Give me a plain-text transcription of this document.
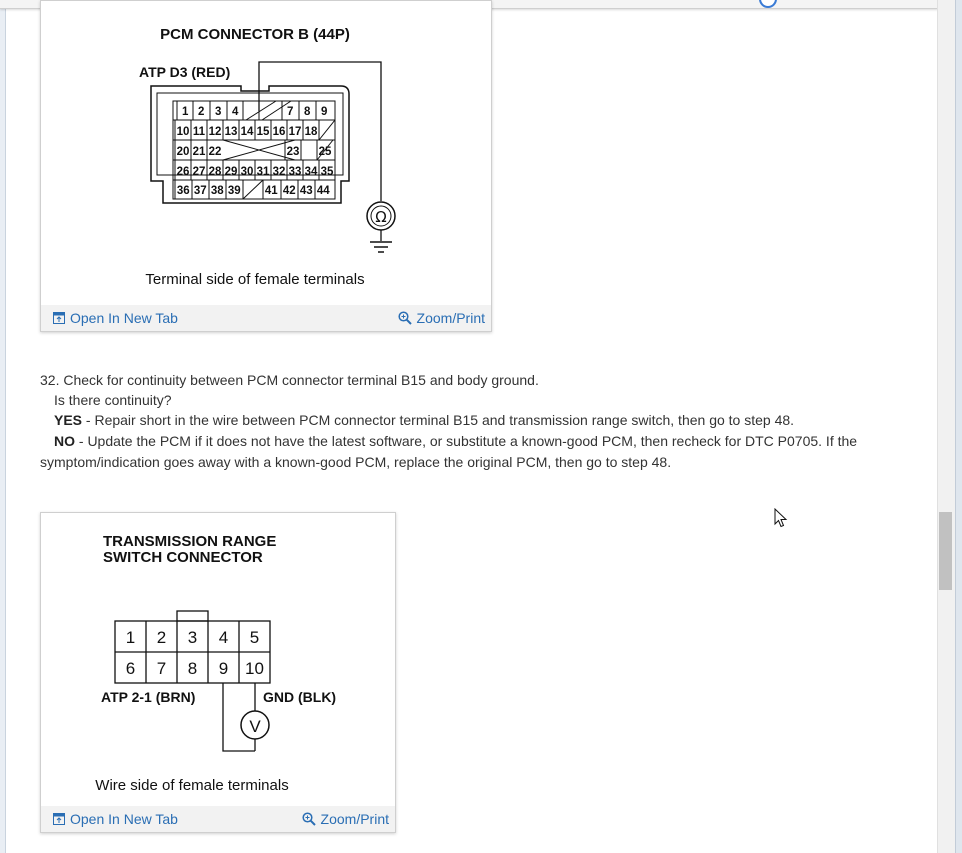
PCM CONNECTOR B (44P)
ATP D3 (RED)
1 2 3 4	7 8 9
10 11 12 13 14 15 16 17 18
20 21 22	23 25
26 27 28 29 30 31 32 33 34 35
36 37 38 39 41 42 43 44
Ω
Terminal side of female terminals
Open In New Tab	Zoom/Print
32. Check for continuity between PCM connector terminal B15 and body ground.
Is there continuity?
YES - Repair short in the wire between PCM connector terminal B15 and transmission range switch, then go to step 48.
NO - Update the PCM if it does not have the latest software, or substitute a known-good PCM, then recheck for DTC P0705. If the
symptom/indication goes away with a known-good PCM, replace the original PCM, then go to step 48.
TRANSMISSION RANGE
SWITCH CONNECTOR
1 2 3 4 5
6 7 8 9 10
V
ATP 2-1 (BRN)	GND (BLK)
Wire side of female terminals
Open In New Tab	Zoom/Print
